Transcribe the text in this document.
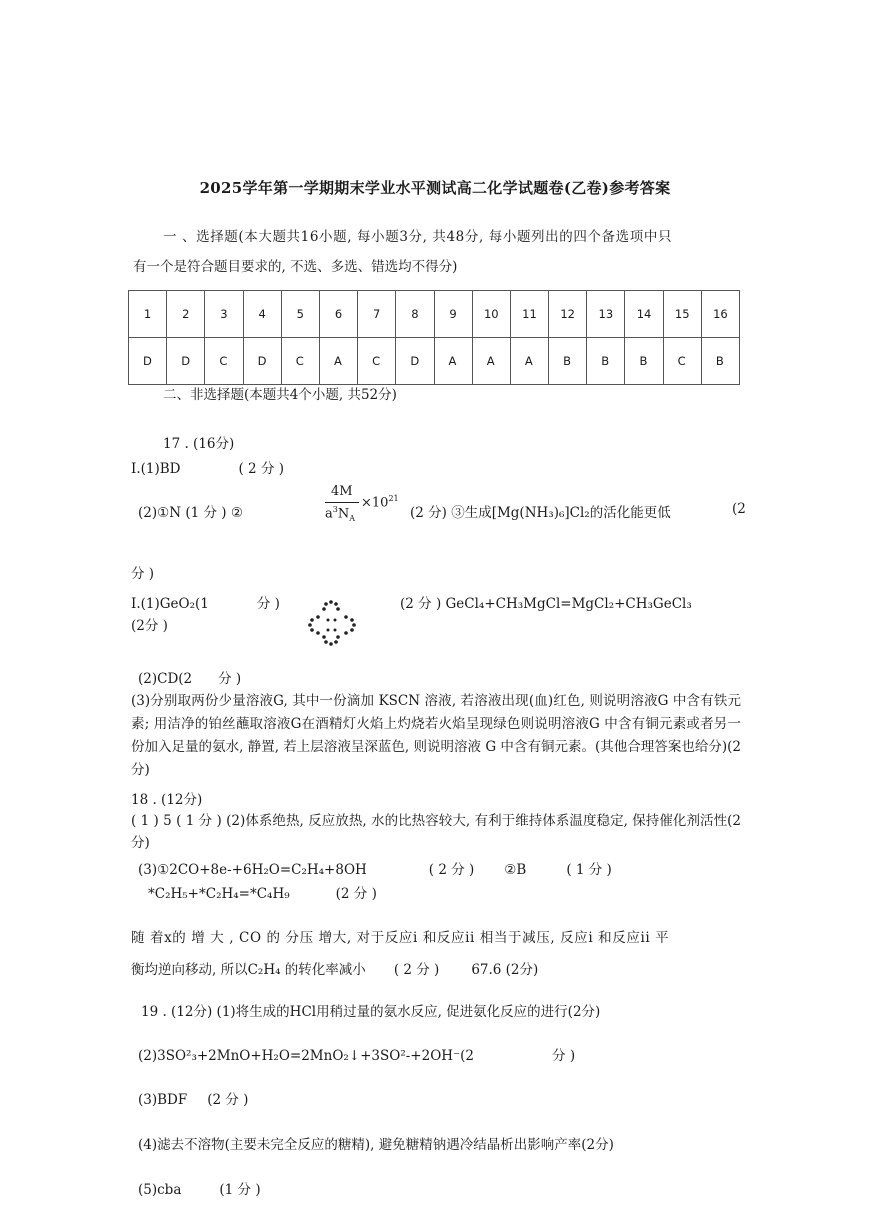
2025学年第一学期期末学业水平测试高二化学试题卷(乙卷)参考答案
一 、选择题(本大题共16小题, 每小题3分, 共48分, 每小题列出的四个备选项中只
有一个是符合题目要求的, 不选、多选、错选均不得分)
1	2	3	4	5	6	7	8	9	10	11	12	13	14	15	16
D	D	C	D	C	A	C	D	A	A	A	B	B	B	C	B
二、非选择题(本题共4个小题, 共52分)
17 . (16分)
I.(1)BD	( 2 分 )
(2)①N (1 分 ) ②
4M
$a^3N_A$
$\times 10^{21}$
(2 分) ③生成[Mg(NH₃)₆]Cl₂的活化能更低	(2
分 )
I.(1)GeO₂(1	分 )
(2分 )
(2 分 ) GeCl₄+CH₃MgCl=MgCl₂+CH₃GeCl₃
(2)CD(2 分 )
(3)分别取两份少量溶液G, 其中一份滴加 KSCN 溶液, 若溶液出现(血)红色, 则说明溶液G 中含有铁元素; 用洁净的铂丝蘸取溶液G在酒精灯火焰上灼烧若火焰呈现绿色则说明溶液G 中含有铜元素或者另一份加入足量的氨水, 静置, 若上层溶液呈深蓝色, 则说明溶液 G 中含有铜元素。(其他合理答案也给分)(2分)
18 . (12分)
( 1 ) 5 ( 1 分 ) (2)体系绝热, 反应放热, 水的比热容较大, 有利于维持体系温度稳定, 保持催化剂活性(2分)
(3)①2CO+8e-+6H₂O=C₂H₄+8OH	( 2 分 ) ②B	( 1 分 )
*C₂H₅+*C₂H₄=*C₄H₉	(2 分 )
随 着x的 增 大 , CO 的 分压 增大, 对于反应i 和反应ii 相当于减压, 反应i 和反应ii 平
衡均逆向移动, 所以C₂H₄ 的转化率减小 ( 2 分 ) 67.6 (2分)
19 . (12分) (1)将生成的HCl用稍过量的氨水反应, 促进氨化反应的进行(2分)
(2)3SO²₃+2MnO+H₂O=2MnO₂↓+3SO²-+2OH⁻(2	分 )
(3)BDF (2 分 )
(4)滤去不溶物(主要未完全反应的糖精), 避免糖精钠遇冷结晶析出影响产率(2分)
(5)cba	(1 分 )
